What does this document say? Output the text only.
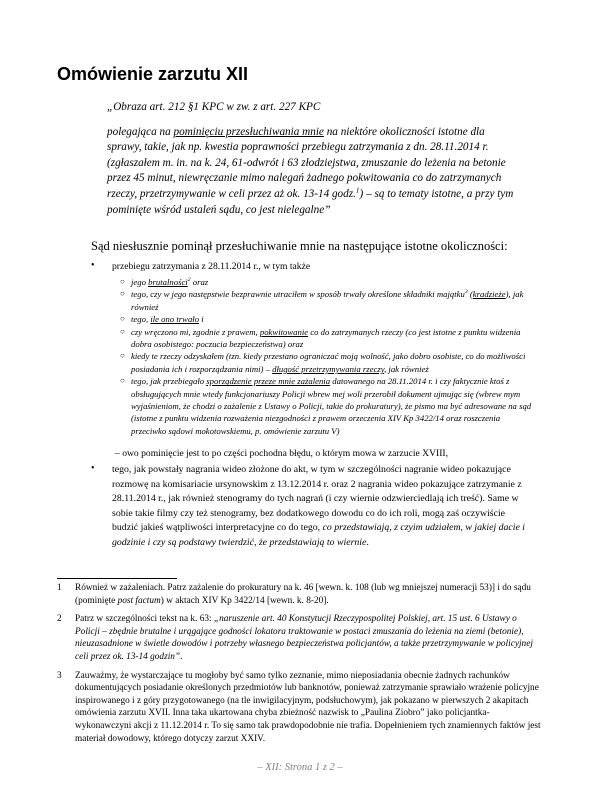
Omówienie zarzutu XII

„Obraza art. 212 §1 KPC w zw. z art. 227 KPC

polegająca na pominięciu przesłuchiwania mnie na niektóre okoliczności istotne dla sprawy, takie, jak np. kwestia poprawności przebiegu zatrzymania z dn. 28.11.2014 r. (zgłaszałem m. in. na k. 24, 61-odwrót i 63 złodziejstwa, zmuszanie do leżenia na betonie przez 45 minut, niewręczanie mimo nalegań żadnego pokwitowania co do zatrzymanych rzeczy, przetrzymywanie w celi przez aż ok. 13-14 godz.$^1$) – są to tematy istotne, a przy tym pominięte wśród ustaleń sądu, co jest nielegalne”

Sąd niesłusznie pominął przesłuchiwanie mnie na następujące istotne okoliczności:
• przebiegu zatrzymania z 28.11.2014 r., w tym także
○ jego brutalności$^2$ oraz
○ tego, czy w jego następstwie bezprawnie utraciłem w sposób trwały określone składniki majątku$^3$ (kradzieże), jak również
○ tego, ile ono trwało i
○ czy wręczono mi, zgodnie z prawem, pokwitowanie co do zatrzymanych rzeczy (co jest istotne z punktu widzenia dobra osobistego: poczucia bezpieczeństwa) oraz
○ kiedy te rzeczy odzyskałem (tzn. kiedy przestano ograniczać moją wolność, jako dobro osobiste, co do możliwości posiadania ich i rozporządzania nimi) – długość przetrzymywania rzeczy, jak również
○ tego, jak przebiegało sporządzenie przeze mnie zażalenia datowanego na 28.11.2014 r. i czy faktycznie ktoś z obsługujących mnie wtedy funkcjonariuszy Policji wbrew mej woli przerobił dokument ujmując się (wbrew mym wyjaśnieniom, że chodzi o zażalenie z Ustawy o Policji, takie do prokuratury), że pismo ma być adresowane na sąd
(istotne z punktu widzenia rozważenia niezgodności z prawem orzeczenia XIV Kp 3422/14 oraz roszczenia przeciwko sądowi mokotowskiemu, p. omówienie zarzutu V)
– owo pominięcie jest to po części pochodna błędu, o którym mowa w zarzucie XVIII,
• tego, jak powstały nagrania wideo złożone do akt, w tym w szczególności nagranie wideo pokazujące rozmowę na komisariacie ursynowskim z 13.12.2014 r. oraz 2 nagrania wideo pokazujące zatrzymanie z 28.11.2014 r., jak również stenogramy do tych nagrań (i czy wiernie odzwierciedlają ich treść). Same w sobie takie filmy czy też stenogramy, bez dodatkowego dowodu co do ich roli, mogą zaś oczywiście budzić jakieś wątpliwości interpretacyjne co do tego, co przedstawiają, z czyim udziałem, w jakiej dacie i godzinie i czy są podstawy twierdzić, że przedstawiają to wiernie.
1 Również w zażaleniach. Patrz zażalenie do prokuratury na k. 46 [wewn. k. 108 (lub wg mniejszej numeracji 53)] i do sądu (pominięte post factum) w aktach XIV Kp 3422/14 [wewn. k. 8-20].
2 Patrz w szczególności tekst na k. 63: „naruszenie art. 40 Konstytucji Rzeczypospolitej Polskiej, art. 15 ust. 6 Ustawy o Policji – zbędnie brutalne i urągające godności lokatora traktowanie w postaci zmuszania do leżenia na ziemi (betonie), nieuzasadnione w świetle dowodów i potrzeby własnego bezpieczeństwa policjantów, a także przetrzymywanie w policyjnej celi przez ok. 13-14 godzin”.
3 Zauważmy, że wystarczające tu mogłoby być samo tylko zeznanie, mimo nieposiadania obecnie żadnych rachunków dokumentujących posiadanie określonych przedmiotów lub banknotów, ponieważ zatrzymanie sprawiało wrażenie policyjne inspirowanego i z góry przygotowanego (na tle inwigilacyjnym, podsłuchowym), jak pokazano w pierwszych 2 akapitach omówienia zarzutu XVII. Inna taka ukartowana chyba zbieżność nazwisk to „Paulina Ziobro” jako policjantka-wykonawczyni akcji z 11.12.2014 r. To się samo tak prawdopodobnie nie trafia. Dopełnieniem tych znamiennych faktów jest materiał dowodowy, którego dotyczy zarzut XXIV.
– XII: Strona 1 z 2 –
